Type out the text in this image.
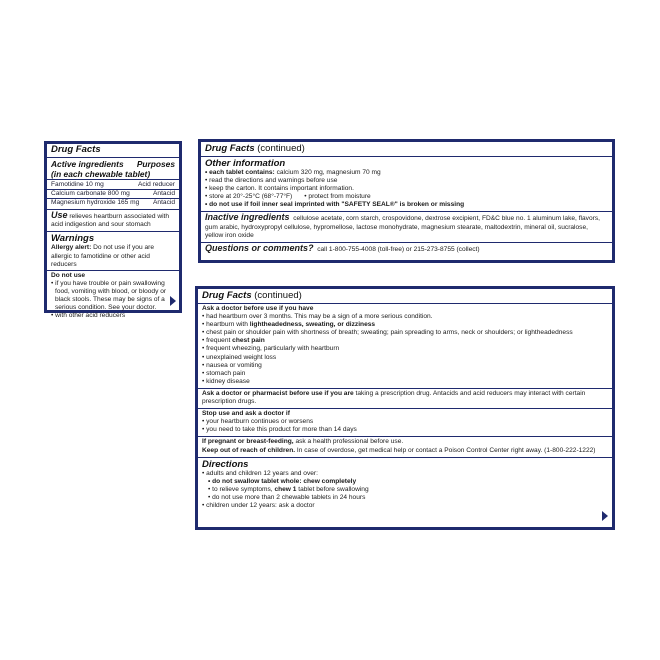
Drug Facts
Active ingredients Purposes
(in each chewable tablet)
Famotidine 10 mg	Acid reducer
Calcium carbonate 800 mg	Antacid
Magnesium hydroxide 165 mg Antacid
Use relieves heartburn associated with acid indigestion and sour stomach
Warnings
Allergy alert: Do not use if you are allergic to famotidine or other acid reducers
Do not use
• if you have trouble or pain swallowing food, vomiting with blood, or bloody or black stools. These may be signs of a serious condition. See your doctor.
• with other acid reducers
Drug Facts (continued)
Other information
• each tablet contains: calcium 320 mg, magnesium 70 mg
• read the directions and warnings before use
• keep the carton. It contains important information.
• store at 20°-25°C (68°-77°F) • protect from moisture
• do not use if foil inner seal imprinted with "SAFETY SEAL®" is broken or missing
Inactive ingredients cellulose acetate, corn starch, crospovidone, dextrose excipient, FD&C blue no. 1 aluminum lake, flavors, gum arabic, hydroxypropyl cellulose, hypromellose, lactose monohydrate, magnesium stearate, maltodextrin, mineral oil, sucralose, yellow iron oxide
Questions or comments? call 1-800-755-4008 (toll-free) or 215-273-8755 (collect)
Drug Facts (continued)
Ask a doctor before use if you have
• had heartburn over 3 months. This may be a sign of a more serious condition.
• heartburn with lightheadedness, sweating, or dizziness
• chest pain or shoulder pain with shortness of breath; sweating; pain spreading to arms, neck or shoulders; or lightheadedness
• frequent chest pain
• frequent wheezing, particularly with heartburn
• unexplained weight loss
• nausea or vomiting
• stomach pain
• kidney disease
Ask a doctor or pharmacist before use if you are taking a prescription drug. Antacids and acid reducers may interact with certain prescription drugs.
Stop use and ask a doctor if
• your heartburn continues or worsens
• you need to take this product for more than 14 days
If pregnant or breast-feeding, ask a health professional before use.
Keep out of reach of children. In case of overdose, get medical help or contact a Poison Control Center right away. (1-800-222-1222)
Directions
• adults and children 12 years and over:
• do not swallow tablet whole: chew completely
• to relieve symptoms, chew 1 tablet before swallowing
• do not use more than 2 chewable tablets in 24 hours
• children under 12 years: ask a doctor
